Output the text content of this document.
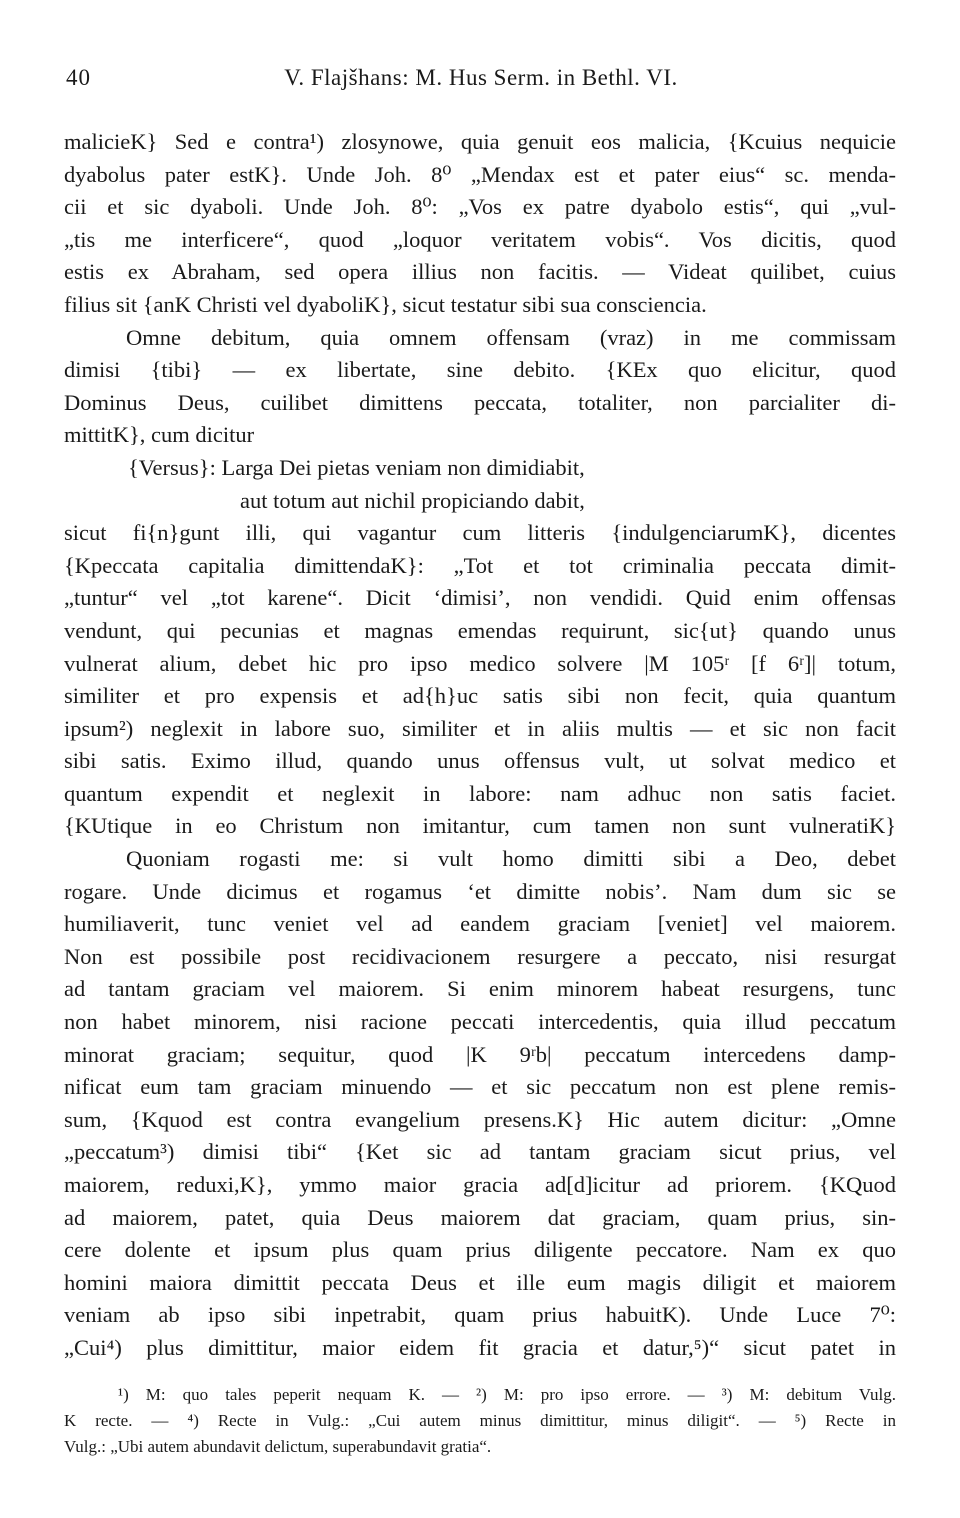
40	V. Flajšhans: M. Hus Serm. in Bethl. VI.
malicieK} Sed e contra¹) zlosynowe, quia genuit eos malicia, {Kcuius nequicie
dyabolus pater estK}. Unde Joh. 8⁰ „Mendax est et pater eius“ sc. menda-
cii et sic dyaboli. Unde Joh. 8⁰: „Vos ex patre dyabolo estis“, qui „vul-
„tis me interficere“, quod „loquor veritatem vobis“. Vos dicitis, quod
estis ex Abraham, sed opera illius non facitis. — Videat quilibet, cuius
filius sit {anK Christi vel dyaboliK}, sicut testatur sibi sua consciencia.
Omne debitum, quia omnem offensam (vraz) in me commissam
dimisi {tibi} — ex libertate, sine debito. {KEx quo elicitur, quod
Dominus Deus, cuilibet dimittens peccata, totaliter, non parcialiter di-
mittitK}, cum dicitur
{Versus}: Larga Dei pietas veniam non dimidiabit,
aut totum aut nichil propiciando dabit,
sicut fi{n}gunt illi, qui vagantur cum litteris {indulgenciarumK}, dicentes
{Kpeccata capitalia dimittendaK}: „Tot et tot criminalia peccata dimit-
„tuntur“ vel „tot karene“. Dicit ‘dimisi’, non vendidi. Quid enim offensas
vendunt, qui pecunias et magnas emendas requirunt, sic{ut} quando unus
vulnerat alium, debet hic pro ipso medico solvere |M 105ʳ [f 6ʳ]| totum,
similiter et pro expensis et ad{h}uc satis sibi non fecit, quia quantum
ipsum²) neglexit in labore suo, similiter et in aliis multis — et sic non facit
sibi satis. Eximo illud, quando unus offensus vult, ut solvat medico et
quantum expendit et neglexit in labore: nam adhuc non satis faciet.
{KUtique in eo Christum non imitantur, cum tamen non sunt vulneratiK}
Quoniam rogasti me: si vult homo dimitti sibi a Deo, debet
rogare. Unde dicimus et rogamus ‘et dimitte nobis’. Nam dum sic se
humiliaverit, tunc veniet vel ad eandem graciam [veniet] vel maiorem.
Non est possibile post recidivacionem resurgere a peccato, nisi resurgat
ad tantam graciam vel maiorem. Si enim minorem habeat resurgens, tunc
non habet minorem, nisi racione peccati intercedentis, quia illud peccatum
minorat graciam; sequitur, quod |K 9ʳb| peccatum intercedens damp-
nificat eum tam graciam minuendo — et sic peccatum non est plene remis-
sum, {Kquod est contra evangelium presens.K} Hic autem dicitur: „Omne
„peccatum³) dimisi tibi“ {Ket sic ad tantam graciam sicut prius, vel
maiorem, reduxi,K}, ymmo maior gracia ad[d]icitur ad priorem. {KQuod
ad maiorem, patet, quia Deus maiorem dat graciam, quam prius, sin-
cere dolente et ipsum plus quam prius diligente peccatore. Nam ex quo
homini maiora dimittit peccata Deus et ille eum magis diligit et maiorem
veniam ab ipso sibi inpetrabit, quam prius habuitK). Unde Luce 7⁰:
„Cui⁴) plus dimittitur, maior eidem fit gracia et datur,⁵)“ sicut patet in
¹) M: quo tales peperit nequam K. — ²) M: pro ipso errore. — ³) M: debitum Vulg.
K recte. — ⁴) Recte in Vulg.: „Cui autem minus dimittitur, minus diligit“. — ⁵) Recte in
Vulg.: „Ubi autem abundavit delictum, superabundavit gratia“.
